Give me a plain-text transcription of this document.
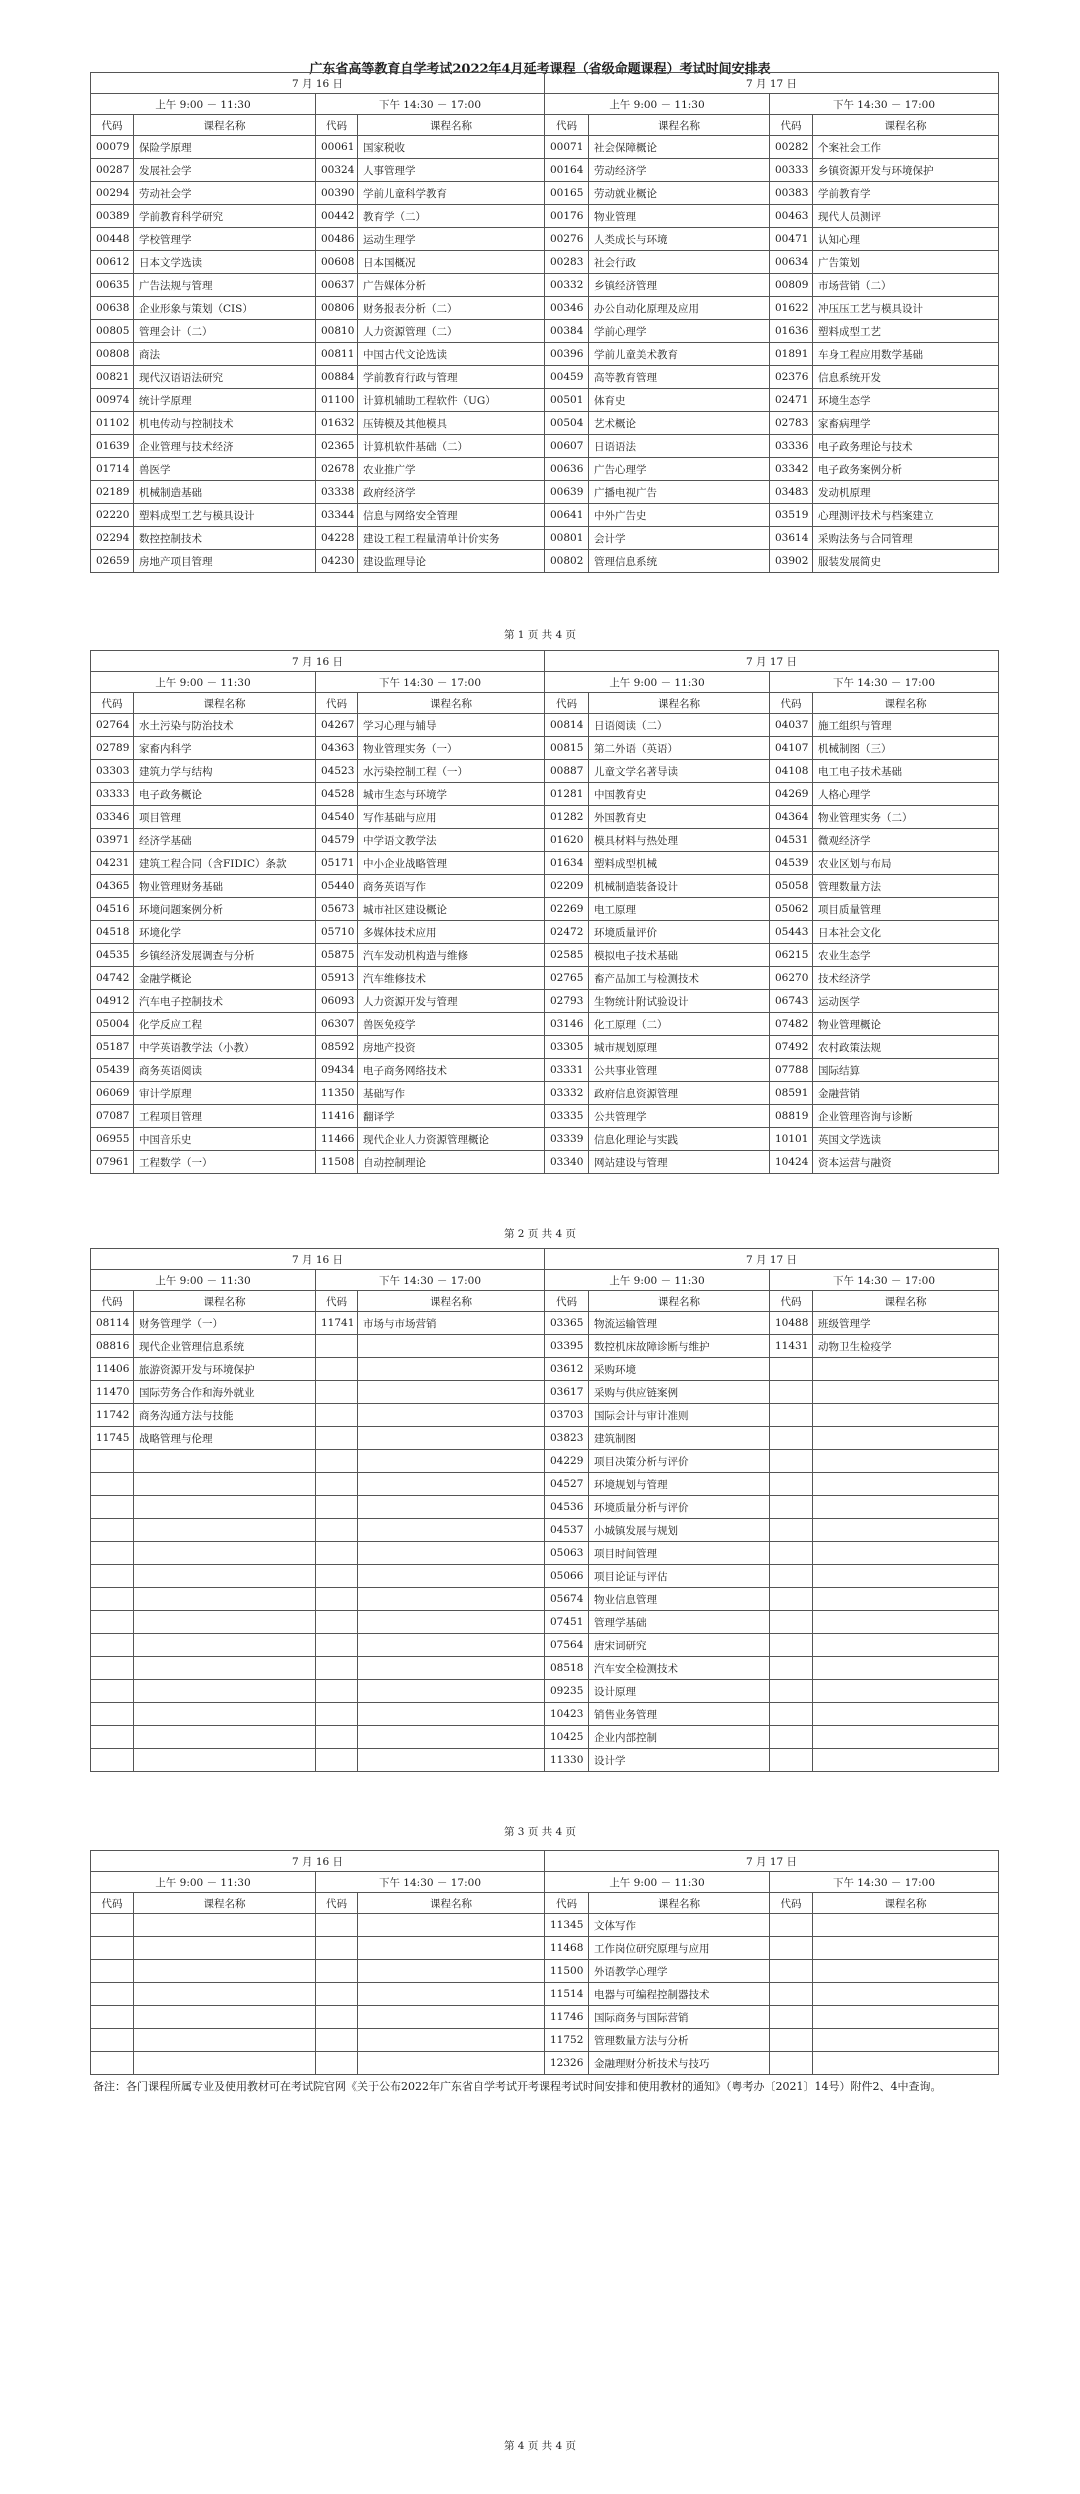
广东省高等教育自学考试2022年4月延考课程（省级命题课程）考试时间安排表
7 月 16 日				7 月 17 日			
上午 9:00 － 11:30		下午 14:30 － 17:00		上午 9:00 － 11:30		下午 14:30 － 17:00	
代码	课程名称	代码	课程名称	代码	课程名称	代码	课程名称
00079	保险学原理	00061	国家税收	00071	社会保障概论	00282	个案社会工作
00287	发展社会学	00324	人事管理学	00164	劳动经济学	00333	乡镇资源开发与环境保护
00294	劳动社会学	00390	学前儿童科学教育	00165	劳动就业概论	00383	学前教育学
00389	学前教育科学研究	00442	教育学（二）	00176	物业管理	00463	现代人员测评
00448	学校管理学	00486	运动生理学	00276	人类成长与环境	00471	认知心理
00612	日本文学选读	00608	日本国概况	00283	社会行政	00634	广告策划
00635	广告法规与管理	00637	广告媒体分析	00332	乡镇经济管理	00809	市场营销（二）
00638	企业形象与策划（CIS）	00806	财务报表分析（二）	00346	办公自动化原理及应用	01622	冲压压工艺与模具设计
00805	管理会计（二）	00810	人力资源管理（二）	00384	学前心理学	01636	塑料成型工艺
00808	商法	00811	中国古代文论选读	00396	学前儿童美术教育	01891	车身工程应用数学基础
00821	现代汉语语法研究	00884	学前教育行政与管理	00459	高等教育管理	02376	信息系统开发
00974	统计学原理	01100	计算机辅助工程软件（UG）	00501	体育史	02471	环境生态学
01102	机电传动与控制技术	01632	压铸模及其他模具	00504	艺术概论	02783	家畜病理学
01639	企业管理与技术经济	02365	计算机软件基础（二）	00607	日语语法	03336	电子政务理论与技术
01714	兽医学	02678	农业推广学	00636	广告心理学	03342	电子政务案例分析
02189	机械制造基础	03338	政府经济学	00639	广播电视广告	03483	发动机原理
02220	塑料成型工艺与模具设计	03344	信息与网络安全管理	00641	中外广告史	03519	心理测评技术与档案建立
02294	数控控制技术	04228	建设工程工程量清单计价实务	00801	会计学	03614	采购法务与合同管理
02659	房地产项目管理	04230	建设监理导论	00802	管理信息系统	03902	服装发展简史
第 1 页 共 4 页
7 月 16 日				7 月 17 日			
上午 9:00 － 11:30		下午 14:30 － 17:00		上午 9:00 － 11:30		下午 14:30 － 17:00	
代码	课程名称	代码	课程名称	代码	课程名称	代码	课程名称
02764	水土污染与防治技术	04267	学习心理与辅导	00814	日语阅读（二）	04037	施工组织与管理
02789	家畜内科学	04363	物业管理实务（一）	00815	第二外语（英语）	04107	机械制图（三）
03303	建筑力学与结构	04523	水污染控制工程（一）	00887	儿童文学名著导读	04108	电工电子技术基础
03333	电子政务概论	04528	城市生态与环境学	01281	中国教育史	04269	人格心理学
03346	项目管理	04540	写作基础与应用	01282	外国教育史	04364	物业管理实务（二）
03971	经济学基础	04579	中学语文教学法	01620	模具材料与热处理	04531	微观经济学
04231	建筑工程合同（含FIDIC）条款	05171	中小企业战略管理	01634	塑料成型机械	04539	农业区划与布局
04365	物业管理财务基础	05440	商务英语写作	02209	机械制造装备设计	05058	管理数量方法
04516	环境问题案例分析	05673	城市社区建设概论	02269	电工原理	05062	项目质量管理
04518	环境化学	05710	多媒体技术应用	02472	环境质量评价	05443	日本社会文化
04535	乡镇经济发展调查与分析	05875	汽车发动机构造与维修	02585	模拟电子技术基础	06215	农业生态学
04742	金融学概论	05913	汽车维修技术	02765	畜产品加工与检测技术	06270	技术经济学
04912	汽车电子控制技术	06093	人力资源开发与管理	02793	生物统计附试验设计	06743	运动医学
05004	化学反应工程	06307	兽医免疫学	03146	化工原理（二）	07482	物业管理概论
05187	中学英语教学法（小教）	08592	房地产投资	03305	城市规划原理	07492	农村政策法规
05439	商务英语阅读	09434	电子商务网络技术	03331	公共事业管理	07788	国际结算
06069	审计学原理	11350	基础写作	03332	政府信息资源管理	08591	金融营销
07087	工程项目管理	11416	翻译学	03335	公共管理学	08819	企业管理咨询与诊断
06955	中国音乐史	11466	现代企业人力资源管理概论	03339	信息化理论与实践	10101	英国文学选读
07961	工程数学（一）	11508	自动控制理论	03340	网站建设与管理	10424	资本运营与融资
第 2 页 共 4 页
7 月 16 日				7 月 17 日			
上午 9:00 － 11:30		下午 14:30 － 17:00		上午 9:00 － 11:30		下午 14:30 － 17:00	
代码	课程名称	代码	课程名称	代码	课程名称	代码	课程名称
08114	财务管理学（一）	11741	市场与市场营销	03365	物流运输管理	10488	班级管理学
08816	现代企业管理信息系统			03395	数控机床故障诊断与维护	11431	动物卫生检疫学
11406	旅游资源开发与环境保护			03612	采购环境		
11470	国际劳务合作和海外就业			03617	采购与供应链案例		
11742	商务沟通方法与技能			03703	国际会计与审计准则		
11745	战略管理与伦理			03823	建筑制图		
				04229	项目决策分析与评价		
				04527	环境规划与管理		
				04536	环境质量分析与评价		
				04537	小城镇发展与规划		
				05063	项目时间管理		
				05066	项目论证与评估		
				05674	物业信息管理		
				07451	管理学基础		
				07564	唐宋词研究		
				08518	汽车安全检测技术		
				09235	设计原理		
				10423	销售业务管理		
				10425	企业内部控制		
				11330	设计学		
第 3 页 共 4 页
7 月 16 日				7 月 17 日			
上午 9:00 － 11:30		下午 14:30 － 17:00		上午 9:00 － 11:30		下午 14:30 － 17:00	
代码	课程名称	代码	课程名称	代码	课程名称	代码	课程名称
				11345	文体写作		
				11468	工作岗位研究原理与应用		
				11500	外语教学心理学		
				11514	电器与可编程控制器技术		
				11746	国际商务与国际营销		
				11752	管理数量方法与分析		
				12326	金融理财分析技术与技巧		
第 4 页 共 4 页
备注：各门课程所属专业及使用教材可在考试院官网《关于公布2022年广东省自学考试开考课程考试时间安排和使用教材的通知》（粤考办〔2021〕14号）附件2、4中查询。
